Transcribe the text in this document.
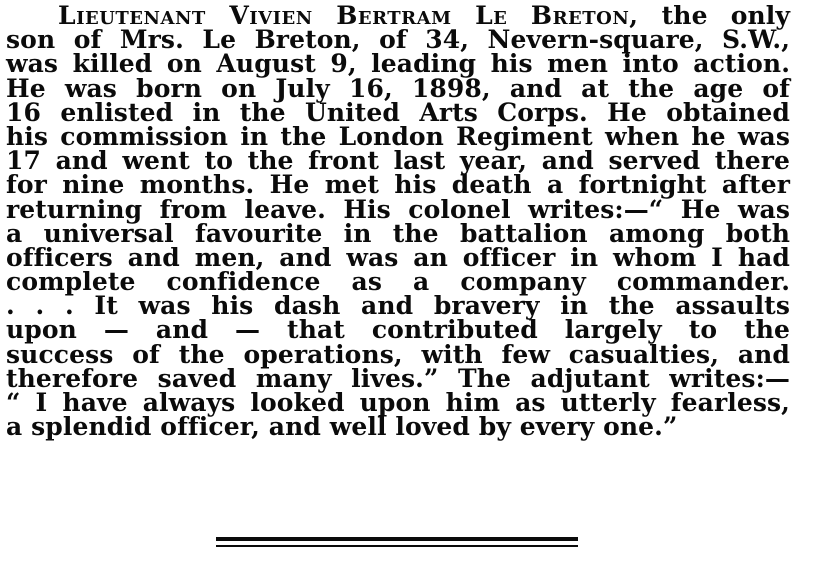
Lieutenant Vivien Bertram Le Breton, the only
son of Mrs. Le Breton, of 34, Nevern-square, S.W.,
was killed on August 9, leading his men into action.
He was born on July 16, 1898, and at the age of
16 enlisted in the United Arts Corps. He obtained
his commission in the London Regiment when he was
17 and went to the front last year, and served there
for nine months. He met his death a fortnight after
returning from leave. His colonel writes:—“ He was
a universal favourite in the battalion among both
officers and men, and was an officer in whom I had
complete confidence as a company commander.
. . . It was his dash and bravery in the assaults
upon — and — that contributed largely to the
success of the operations, with few casualties, and
therefore saved many lives.” The adjutant writes:—
“ I have always looked upon him as utterly fearless,
a splendid officer, and well loved by every one.”
